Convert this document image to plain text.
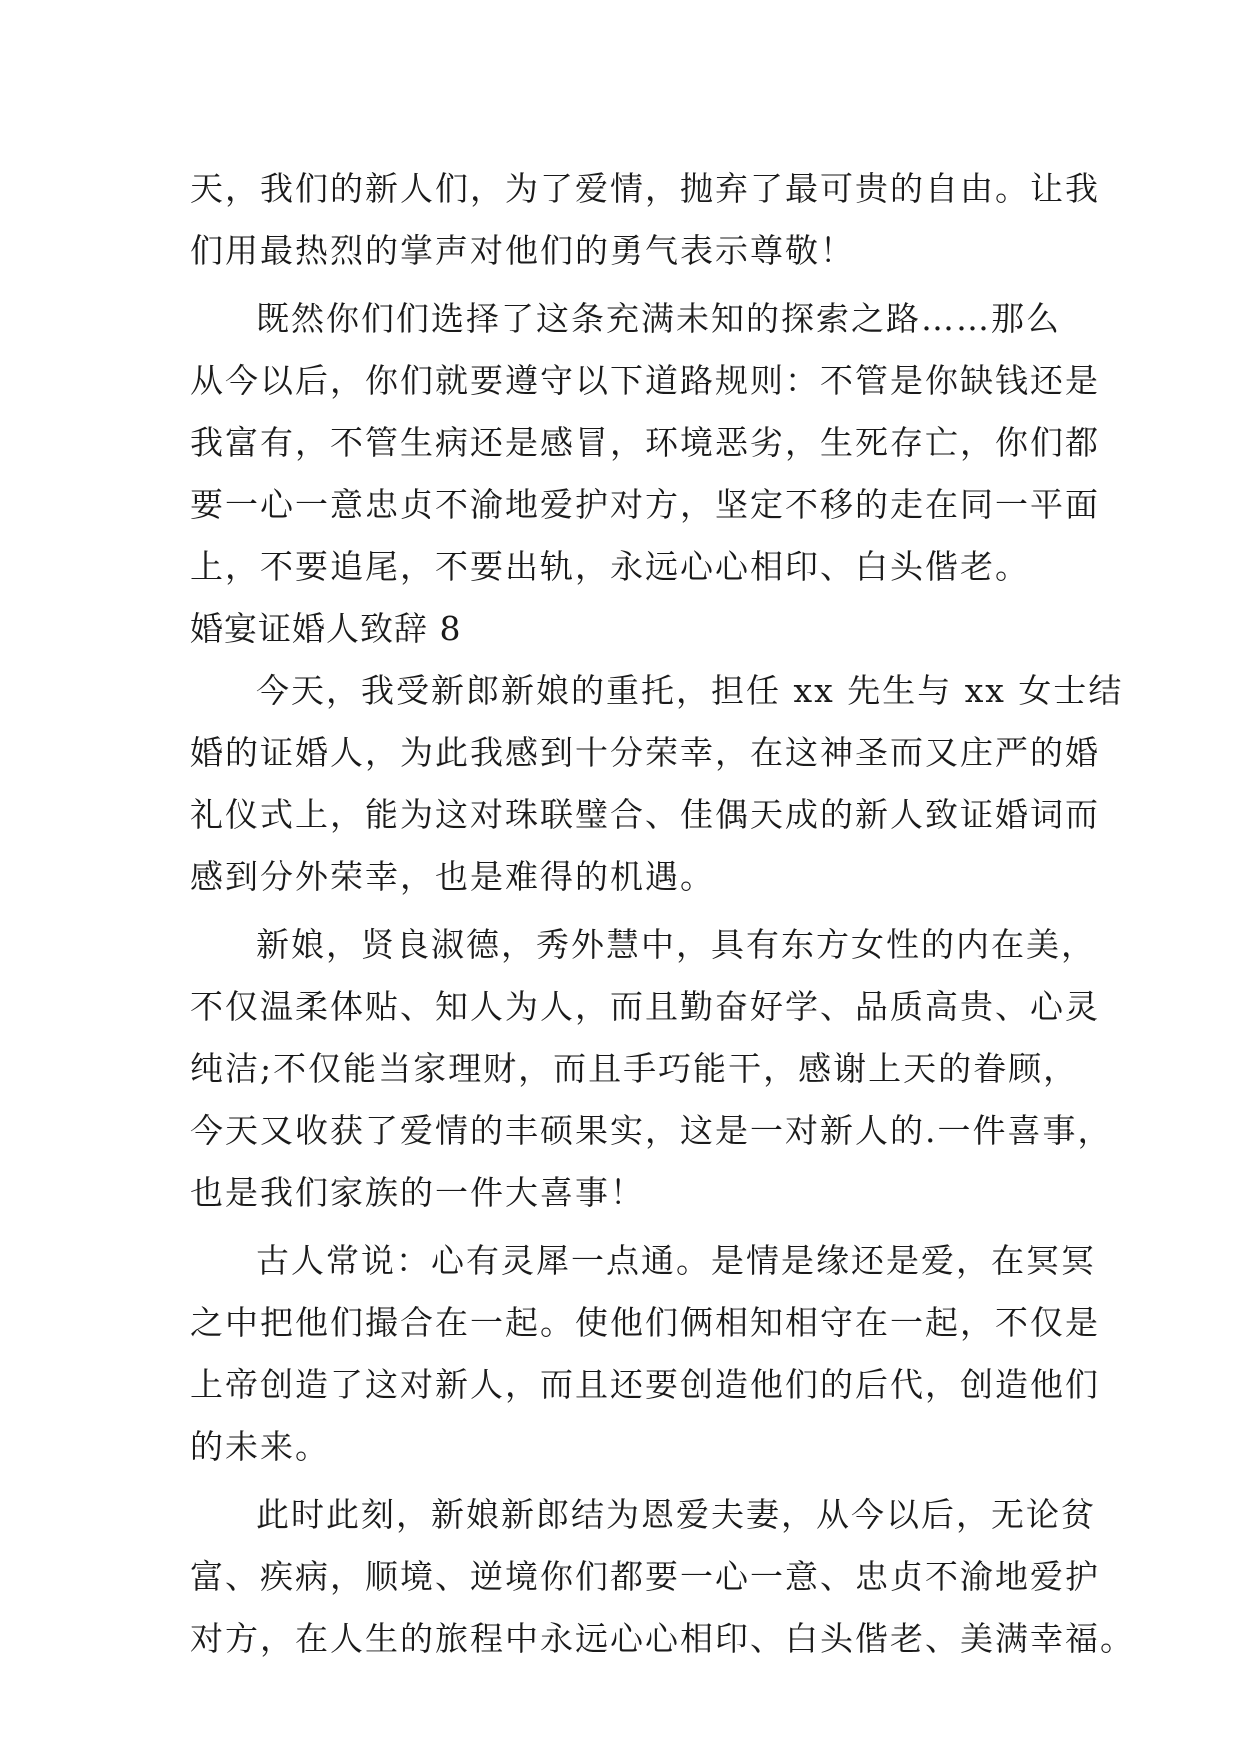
天，我们的新人们，为了爱情，抛弃了最可贵的自由。让我
们用最热烈的掌声对他们的勇气表示尊敬！
既然你们们选择了这条充满未知的探索之路……那么
从今以后，你们就要遵守以下道路规则：不管是你缺钱还是
我富有，不管生病还是感冒，环境恶劣，生死存亡，你们都
要一心一意忠贞不渝地爱护对方，坚定不移的走在同一平面
上，不要追尾，不要出轨，永远心心相印、白头偕老。
婚宴证婚人致辞 8
今天，我受新郎新娘的重托，担任 xx 先生与 xx 女士结
婚的证婚人，为此我感到十分荣幸，在这神圣而又庄严的婚
礼仪式上，能为这对珠联璧合、佳偶天成的新人致证婚词而
感到分外荣幸，也是难得的机遇。
新娘，贤良淑德，秀外慧中，具有东方女性的内在美，
不仅温柔体贴、知人为人，而且勤奋好学、品质高贵、心灵
纯洁;不仅能当家理财，而且手巧能干，感谢上天的眷顾，
今天又收获了爱情的丰硕果实，这是一对新人的.一件喜事，
也是我们家族的一件大喜事！
古人常说：心有灵犀一点通。是情是缘还是爱，在冥冥
之中把他们撮合在一起。使他们俩相知相守在一起，不仅是
上帝创造了这对新人，而且还要创造他们的后代，创造他们
的未来。
此时此刻，新娘新郎结为恩爱夫妻，从今以后，无论贫
富、疾病，顺境、逆境你们都要一心一意、忠贞不渝地爱护
对方，在人生的旅程中永远心心相印、白头偕老、美满幸福。
